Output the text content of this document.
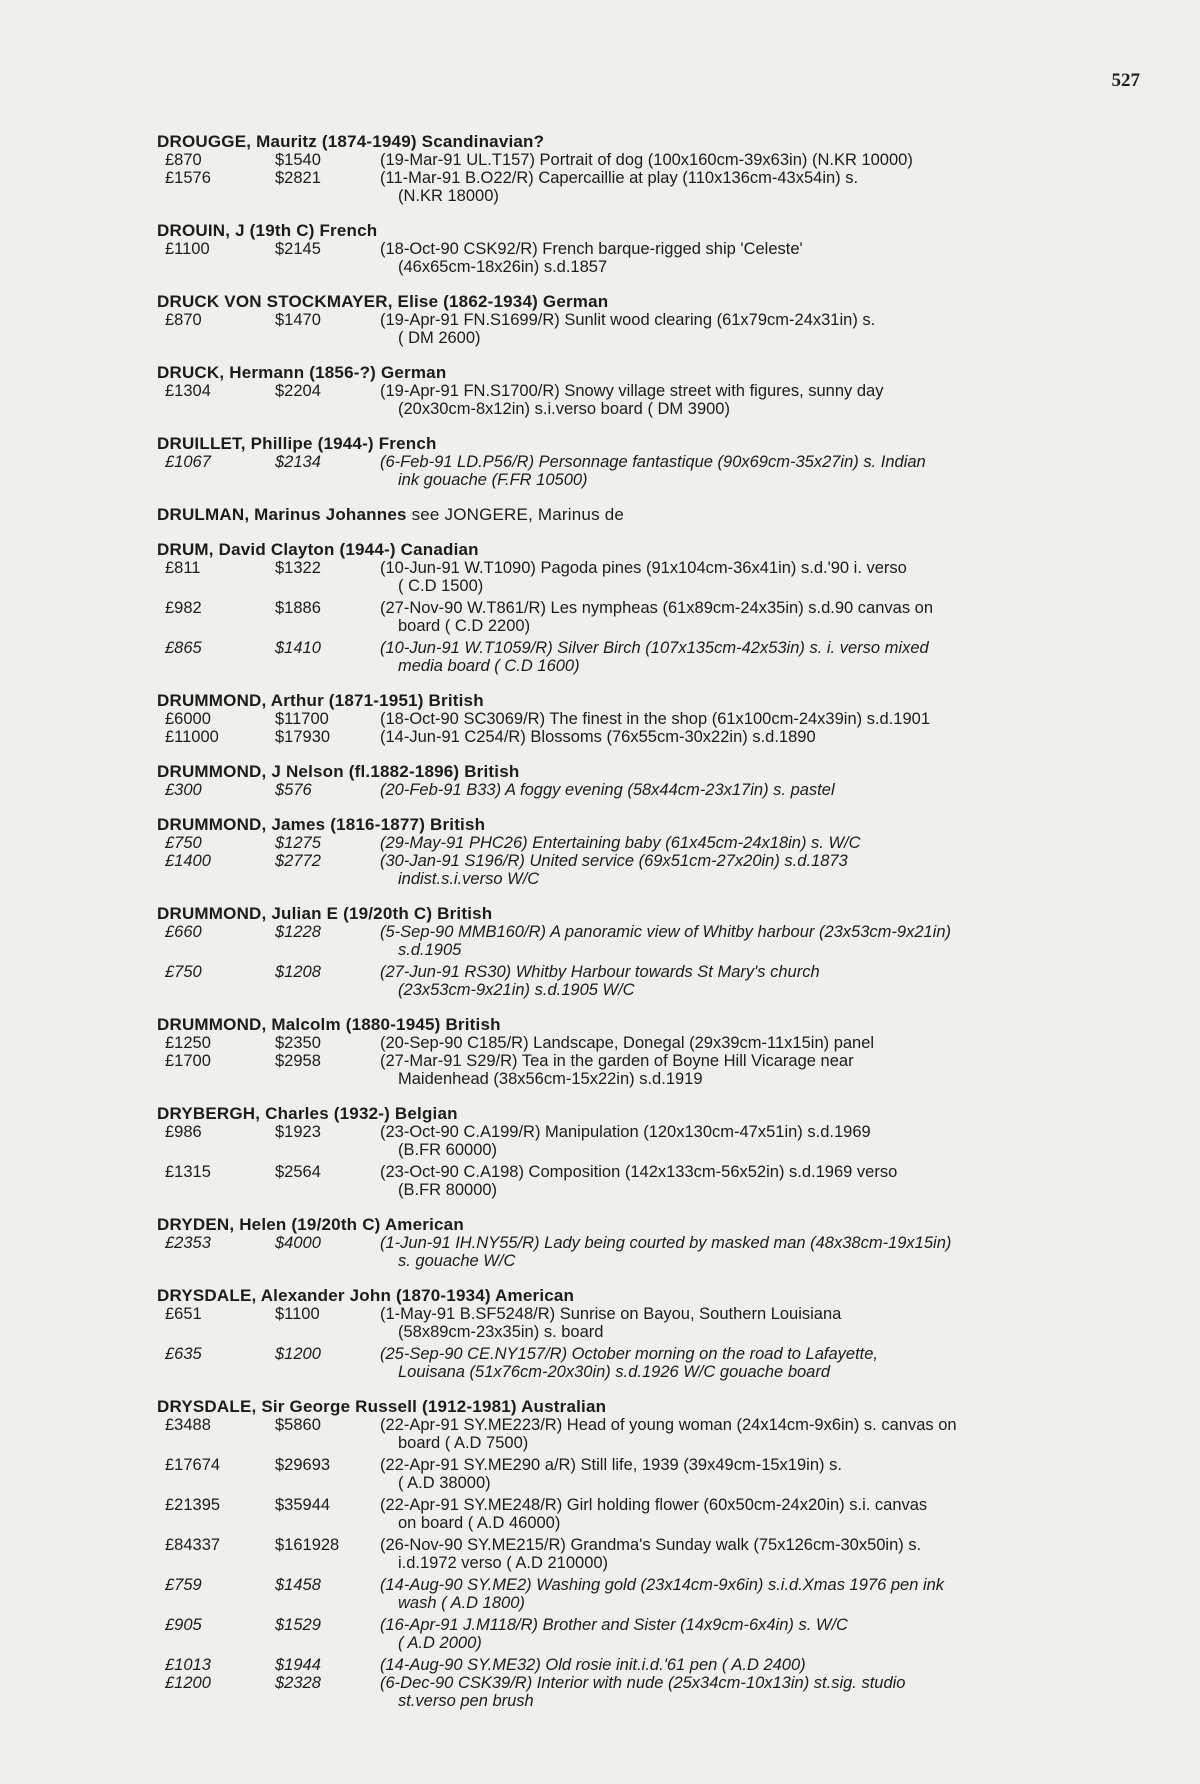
527
DROUGGE, Mauritz (1874-1949) Scandinavian?
£870	$1540	(19-Mar-91 UL.T157) Portrait of dog (100x160cm-39x63in) (N.KR 10000)
£1576	$2821	(11-Mar-91 B.O22/R) Capercaillie at play (110x136cm-43x54in) s.
(N.KR 18000)
DROUIN, J (19th C) French
£1100	$2145	(18-Oct-90 CSK92/R) French barque-rigged ship 'Celeste'
(46x65cm-18x26in) s.d.1857
DRUCK VON STOCKMAYER, Elise (1862-1934) German
£870	$1470	(19-Apr-91 FN.S1699/R) Sunlit wood clearing (61x79cm-24x31in) s.
( DM 2600)
DRUCK, Hermann (1856-?) German
£1304	$2204	(19-Apr-91 FN.S1700/R) Snowy village street with figures, sunny day
(20x30cm-8x12in) s.i.verso board ( DM 3900)
DRUILLET, Phillipe (1944-) French
£1067	$2134	(6-Feb-91 LD.P56/R) Personnage fantastique (90x69cm-35x27in) s. Indian
ink gouache (F.FR 10500)
DRULMAN, Marinus Johannes see JONGERE, Marinus de
DRUM, David Clayton (1944-) Canadian
£811	$1322	(10-Jun-91 W.T1090) Pagoda pines (91x104cm-36x41in) s.d.'90 i. verso
( C.D 1500)
£982	$1886	(27-Nov-90 W.T861/R) Les nympheas (61x89cm-24x35in) s.d.90 canvas on
board ( C.D 2200)
£865	$1410	(10-Jun-91 W.T1059/R) Silver Birch (107x135cm-42x53in) s. i. verso mixed
media board ( C.D 1600)
DRUMMOND, Arthur (1871-1951) British
£6000	$11700	(18-Oct-90 SC3069/R) The finest in the shop (61x100cm-24x39in) s.d.1901
£11000	$17930	(14-Jun-91 C254/R) Blossoms (76x55cm-30x22in) s.d.1890
DRUMMOND, J Nelson (fl.1882-1896) British
£300	$576	(20-Feb-91 B33) A foggy evening (58x44cm-23x17in) s. pastel
DRUMMOND, James (1816-1877) British
£750	$1275	(29-May-91 PHC26) Entertaining baby (61x45cm-24x18in) s. W/C
£1400	$2772	(30-Jan-91 S196/R) United service (69x51cm-27x20in) s.d.1873
indist.s.i.verso W/C
DRUMMOND, Julian E (19/20th C) British
£660	$1228	(5-Sep-90 MMB160/R) A panoramic view of Whitby harbour (23x53cm-9x21in)
s.d.1905
£750	$1208	(27-Jun-91 RS30) Whitby Harbour towards St Mary's church
(23x53cm-9x21in) s.d.1905 W/C
DRUMMOND, Malcolm (1880-1945) British
£1250	$2350	(20-Sep-90 C185/R) Landscape, Donegal (29x39cm-11x15in) panel
£1700	$2958	(27-Mar-91 S29/R) Tea in the garden of Boyne Hill Vicarage near
Maidenhead (38x56cm-15x22in) s.d.1919
DRYBERGH, Charles (1932-) Belgian
£986	$1923	(23-Oct-90 C.A199/R) Manipulation (120x130cm-47x51in) s.d.1969
(B.FR 60000)
£1315	$2564	(23-Oct-90 C.A198) Composition (142x133cm-56x52in) s.d.1969 verso
(B.FR 80000)
DRYDEN, Helen (19/20th C) American
£2353	$4000	(1-Jun-91 IH.NY55/R) Lady being courted by masked man (48x38cm-19x15in)
s. gouache W/C
DRYSDALE, Alexander John (1870-1934) American
£651	$1100	(1-May-91 B.SF5248/R) Sunrise on Bayou, Southern Louisiana
(58x89cm-23x35in) s. board
£635	$1200	(25-Sep-90 CE.NY157/R) October morning on the road to Lafayette,
Louisana (51x76cm-20x30in) s.d.1926 W/C gouache board
DRYSDALE, Sir George Russell (1912-1981) Australian
£3488	$5860	(22-Apr-91 SY.ME223/R) Head of young woman (24x14cm-9x6in) s. canvas on
board ( A.D 7500)
£17674	$29693	(22-Apr-91 SY.ME290 a/R) Still life, 1939 (39x49cm-15x19in) s.
( A.D 38000)
£21395	$35944	(22-Apr-91 SY.ME248/R) Girl holding flower (60x50cm-24x20in) s.i. canvas
on board ( A.D 46000)
£84337	$161928	(26-Nov-90 SY.ME215/R) Grandma's Sunday walk (75x126cm-30x50in) s.
i.d.1972 verso ( A.D 210000)
£759	$1458	(14-Aug-90 SY.ME2) Washing gold (23x14cm-9x6in) s.i.d.Xmas 1976 pen ink
wash ( A.D 1800)
£905	$1529	(16-Apr-91 J.M118/R) Brother and Sister (14x9cm-6x4in) s. W/C
( A.D 2000)
£1013	$1944	(14-Aug-90 SY.ME32) Old rosie init.i.d.'61 pen ( A.D 2400)
£1200	$2328	(6-Dec-90 CSK39/R) Interior with nude (25x34cm-10x13in) st.sig. studio
st.verso pen brush
